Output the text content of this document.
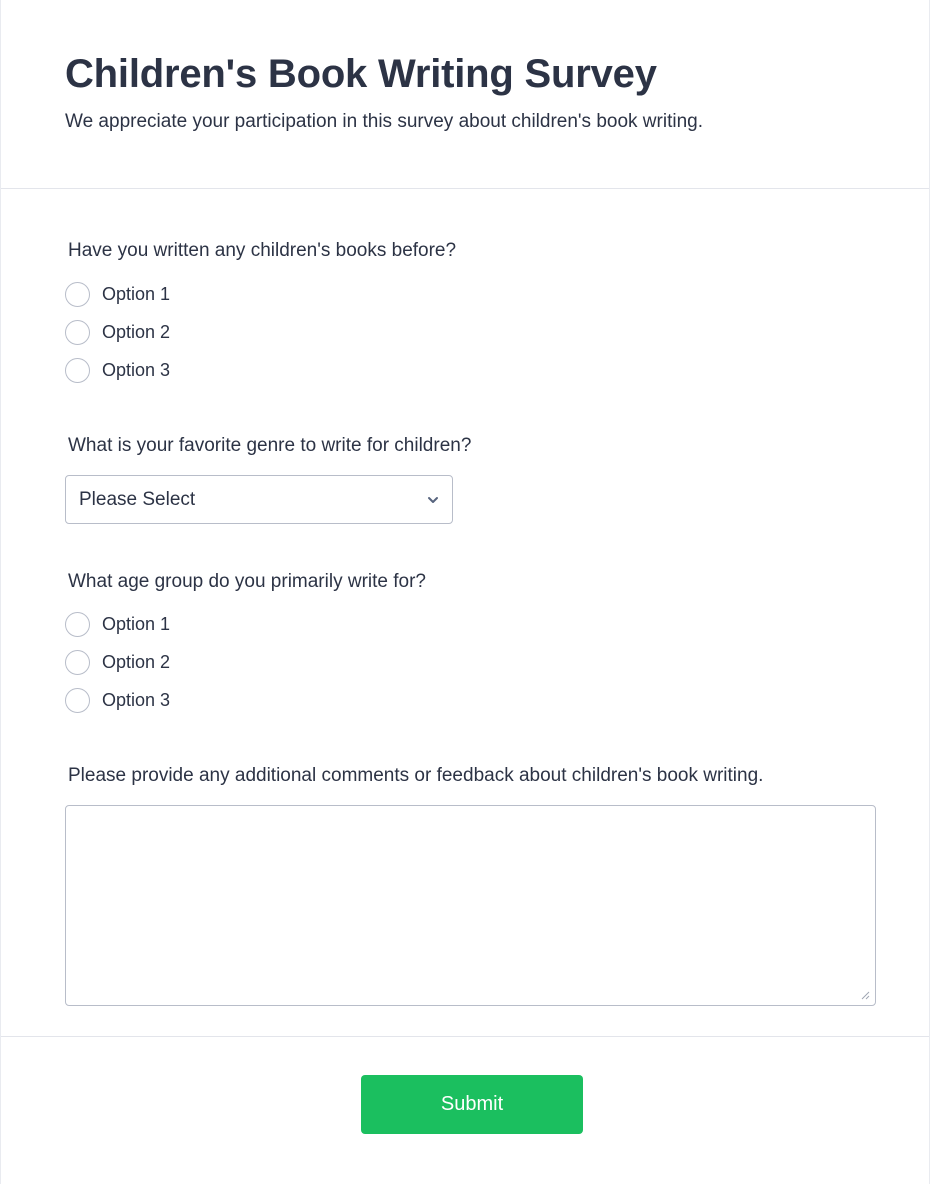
Children's Book Writing Survey

We appreciate your participation in this survey about children's book writing.

Have you written any children's books before?
Option 1
Option 2
Option 3
What is your favorite genre to write for children?
Please Select
What age group do you primarily write for?
Option 1
Option 2
Option 3
Please provide any additional comments or feedback about children's book writing.
Submit
